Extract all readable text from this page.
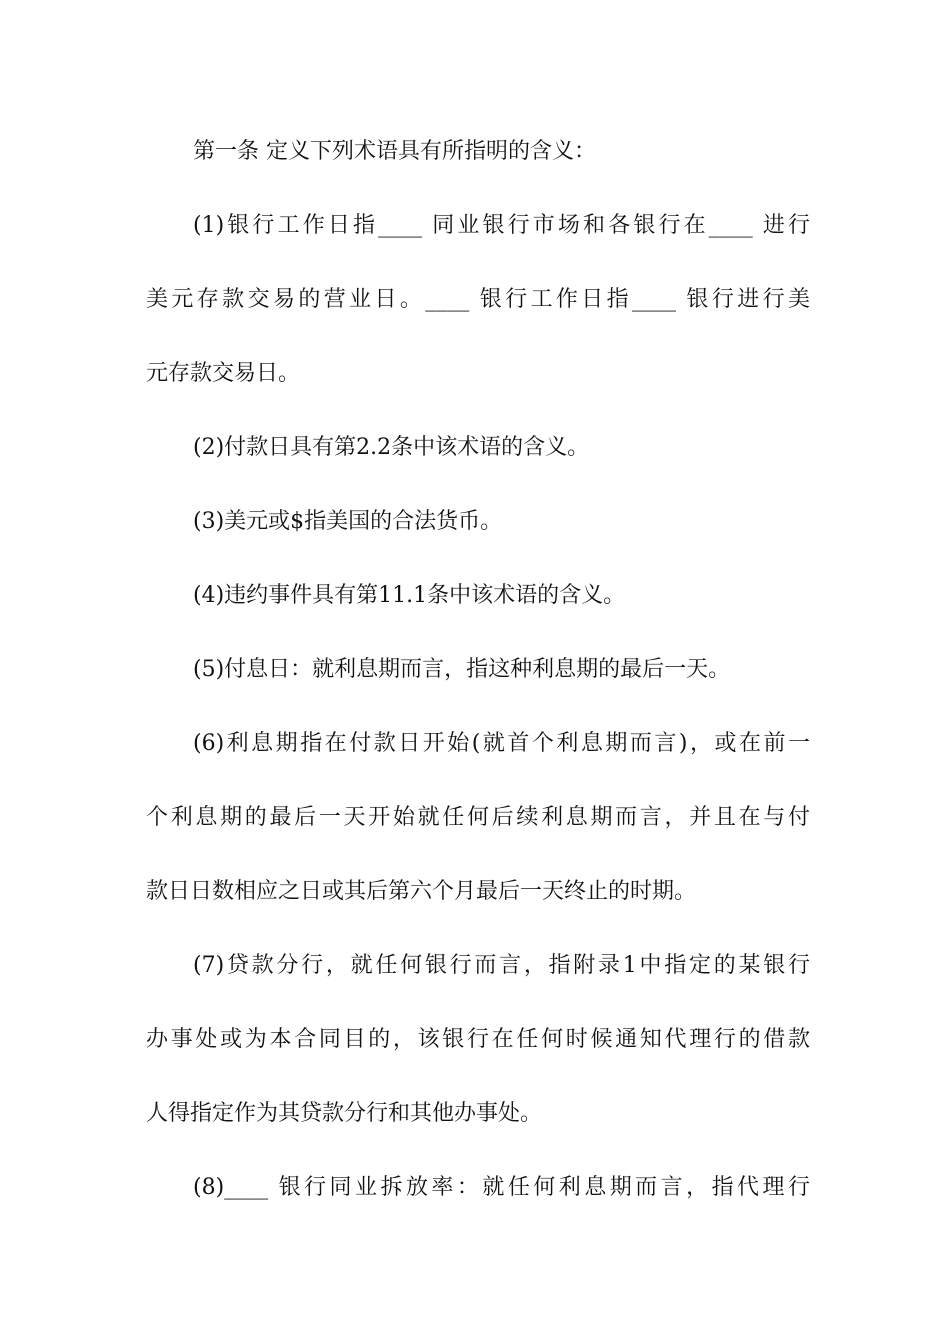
第一条 定义下列术语具有所指明的含义：

(1)银行工作日指____ 同业银行市场和各银行在____ 进行

美元存款交易的营业日。____ 银行工作日指____ 银行进行美

元存款交易日。

(2)付款日具有第2.2条中该术语的含义。

(3)美元或$指美国的合法货币。

(4)违约事件具有第11.1条中该术语的含义。

(5)付息日：就利息期而言，指这种利息期的最后一天。

(6)利息期指在付款日开始(就首个利息期而言)，或在前一

个利息期的最后一天开始就任何后续利息期而言，并且在与付

款日日数相应之日或其后第六个月最后一天终止的时期。

(7)贷款分行，就任何银行而言，指附录1中指定的某银行

办事处或为本合同目的，该银行在任何时候通知代理行的借款

人得指定作为其贷款分行和其他办事处。

(8)____ 银行同业拆放率：就任何利息期而言，指代理行
